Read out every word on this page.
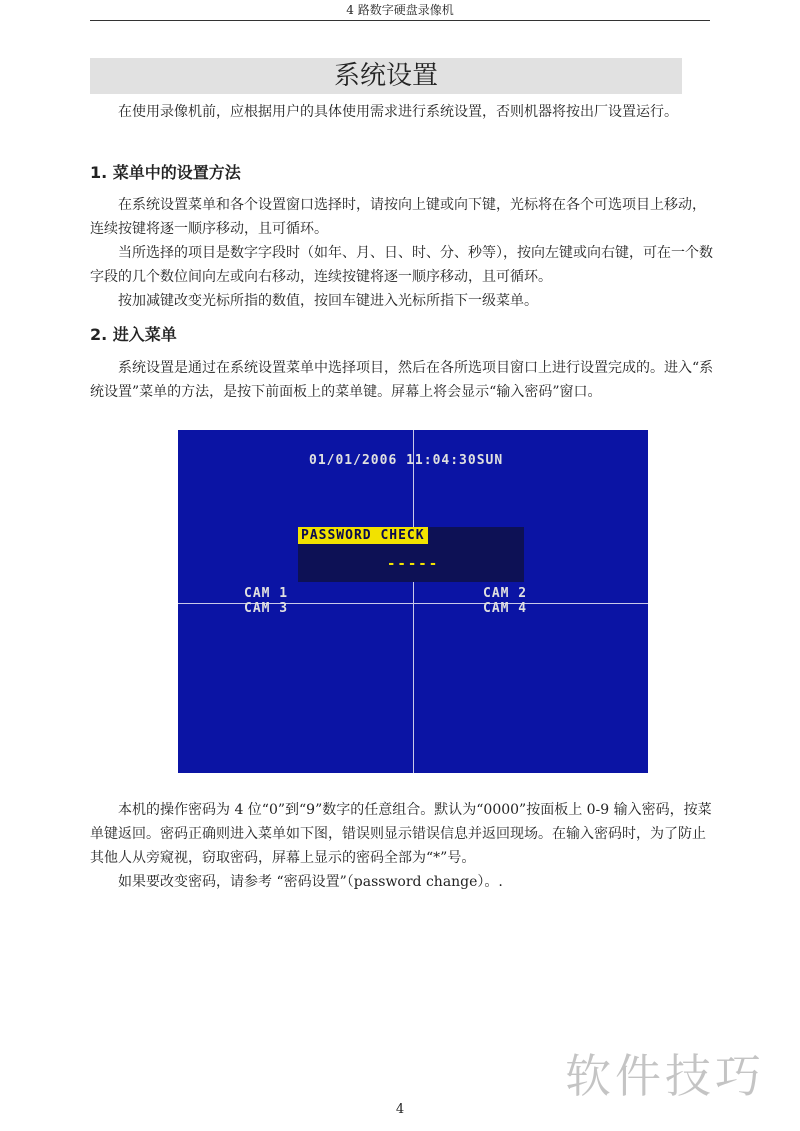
4 路数字硬盘录像机
系统设置

在使用录像机前，应根据用户的具体使用需求进行系统设置，否则机器将按出厂设置运行。

1. 菜单中的设置方法

在系统设置菜单和各个设置窗口选择时，请按向上键或向下键，光标将在各个可选项目上移动，连续按键将逐一顺序移动，且可循环。

当所选择的项目是数字字段时（如年、月、日、时、分、秒等），按向左键或向右键，可在一个数字段的几个数位间向左或向右移动，连续按键将逐一顺序移动，且可循环。

按加减键改变光标所指的数值，按回车键进入光标所指下一级菜单。

2. 进入菜单

系统设置是通过在系统设置菜单中选择项目，然后在各所选项目窗口上进行设置完成的。进入“系统设置”菜单的方法，是按下前面板上的菜单键。屏幕上将会显示“输入密码”窗口。

01/01/2006 11:04:30SUN
PASSWORD CHECK
-----
CAM 1	CAM 2
CAM 3	CAM 4

本机的操作密码为 4 位“0”到“9”数字的任意组合。默认为“0000”按面板上 0-9 输入密码，按菜单键返回。密码正确则进入菜单如下图，错误则显示错误信息并返回现场。在输入密码时，为了防止其他人从旁窥视，窃取密码，屏幕上显示的密码全部为“*”号。

如果要改变密码，请参考 “密码设置”（password change）。.

软件技巧
4
